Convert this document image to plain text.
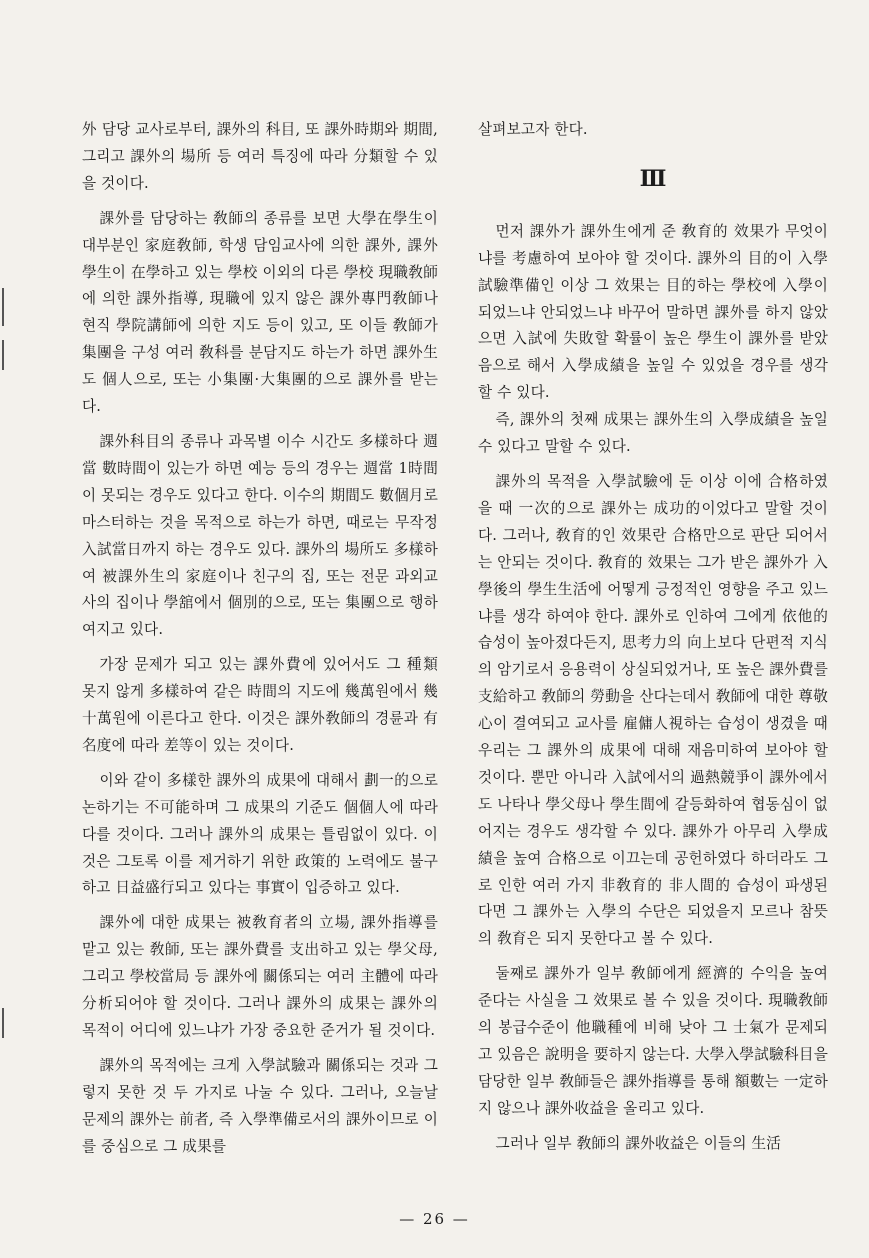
外 담당 교사로부터, 課外의 科目, 또 課外時期와 期間, 그리고 課外의 場所 등 여러 특징에 따라 分類할 수 있을 것이다.

課外를 담당하는 敎師의 종류를 보면 大學在學生이 대부분인 家庭敎師, 학생 담임교사에 의한 課外, 課外學生이 在學하고 있는 學校 이외의 다른 學校 現職敎師에 의한 課外指導, 現職에 있지 않은 課外專門敎師나 현직 學院講師에 의한 지도 등이 있고, 또 이들 敎師가 集團을 구성 여러 敎科를 분담지도 하는가 하면 課外生도 個人으로, 또는 小集團·大集團的으로 課外를 받는다.

課外科目의 종류나 과목별 이수 시간도 多樣하다 週當 數時間이 있는가 하면 예능 등의 경우는 週當 1時間이 못되는 경우도 있다고 한다. 이수의 期間도 數個月로 마스터하는 것을 목적으로 하는가 하면, 때로는 무작정 入試當日까지 하는 경우도 있다. 課外의 場所도 多樣하여 被課外生의 家庭이나 친구의 집, 또는 전문 과외교사의 집이나 學舘에서 個別的으로, 또는 集團으로 행하여지고 있다.

가장 문제가 되고 있는 課外費에 있어서도 그 種類 못지 않게 多樣하여 같은 時間의 지도에 幾萬원에서 幾十萬원에 이른다고 한다. 이것은 課外敎師의 경륜과 有名度에 따라 差等이 있는 것이다.

이와 같이 多樣한 課外의 成果에 대해서 劃一的으로 논하기는 不可能하며 그 成果의 기준도 個個人에 따라 다를 것이다. 그러나 課外의 成果는 틀림없이 있다. 이것은 그토록 이를 제거하기 위한 政策的 노력에도 불구하고 日益盛行되고 있다는 事實이 입증하고 있다.

課外에 대한 成果는 被敎育者의 立場, 課外指導를 맡고 있는 敎師, 또는 課外費를 支出하고 있는 學父母, 그리고 學校當局 등 課外에 關係되는 여러 主體에 따라 分析되어야 할 것이다. 그러나 課外의 成果는 課外의 목적이 어디에 있느냐가 가장 중요한 준거가 될 것이다.

課外의 목적에는 크게 入學試驗과 關係되는 것과 그렇지 못한 것 두 가지로 나눌 수 있다. 그러나, 오늘날 문제의 課外는 前者, 즉 入學準備로서의 課外이므로 이를 중심으로 그 成果를

살펴보고자 한다.

Ⅲ

먼저 課外가 課外生에게 준 敎育的 效果가 무엇이냐를 考慮하여 보아야 할 것이다. 課外의 目的이 入學試驗準備인 이상 그 效果는 目的하는 學校에 入學이 되었느냐 안되었느냐 바꾸어 말하면 課外를 하지 않았으면 入試에 失敗할 확률이 높은 學生이 課外를 받았음으로 해서 入學成績을 높일 수 있었을 경우를 생각할 수 있다.

즉, 課外의 첫째 成果는 課外生의 入學成績을 높일 수 있다고 말할 수 있다.

課外의 목적을 入學試驗에 둔 이상 이에 合格하였을 때 一次的으로 課外는 成功的이었다고 말할 것이다. 그러나, 敎育的인 效果란 合格만으로 판단 되어서는 안되는 것이다. 敎育的 效果는 그가 받은 課外가 入學後의 學生生活에 어떻게 긍정적인 영향을 주고 있느냐를 생각 하여야 한다. 課外로 인하여 그에게 依他的 습성이 높아졌다든지, 思考力의 向上보다 단편적 지식의 암기로서 응용력이 상실되었거나, 또 높은 課外費를 支給하고 敎師의 勞動을 산다는데서 敎師에 대한 尊敬心이 결여되고 교사를 雇傭人視하는 습성이 생겼을 때 우리는 그 課外의 成果에 대해 재음미하여 보아야 할 것이다. 뿐만 아니라 入試에서의 過熱競爭이 課外에서도 나타나 學父母나 學生間에 갈등화하여 협동심이 없어지는 경우도 생각할 수 있다. 課外가 아무리 入學成績을 높여 合格으로 이끄는데 공헌하였다 하더라도 그로 인한 여러 가지 非敎育的 非人間的 습성이 파생된다면 그 課外는 入學의 수단은 되었을지 모르나 참뜻의 敎育은 되지 못한다고 볼 수 있다.

둘째로 課外가 일부 敎師에게 經濟的 수익을 높여 준다는 사실을 그 效果로 볼 수 있을 것이다. 現職敎師의 봉급수준이 他職種에 비해 낮아 그 士氣가 문제되고 있음은 說明을 要하지 않는다. 大學入學試驗科目을 담당한 일부 敎師들은 課外指導를 통해 額數는 一定하지 않으나 課外收益을 올리고 있다.

그러나 일부 敎師의 課外收益은 이들의 生活

— 26 —
